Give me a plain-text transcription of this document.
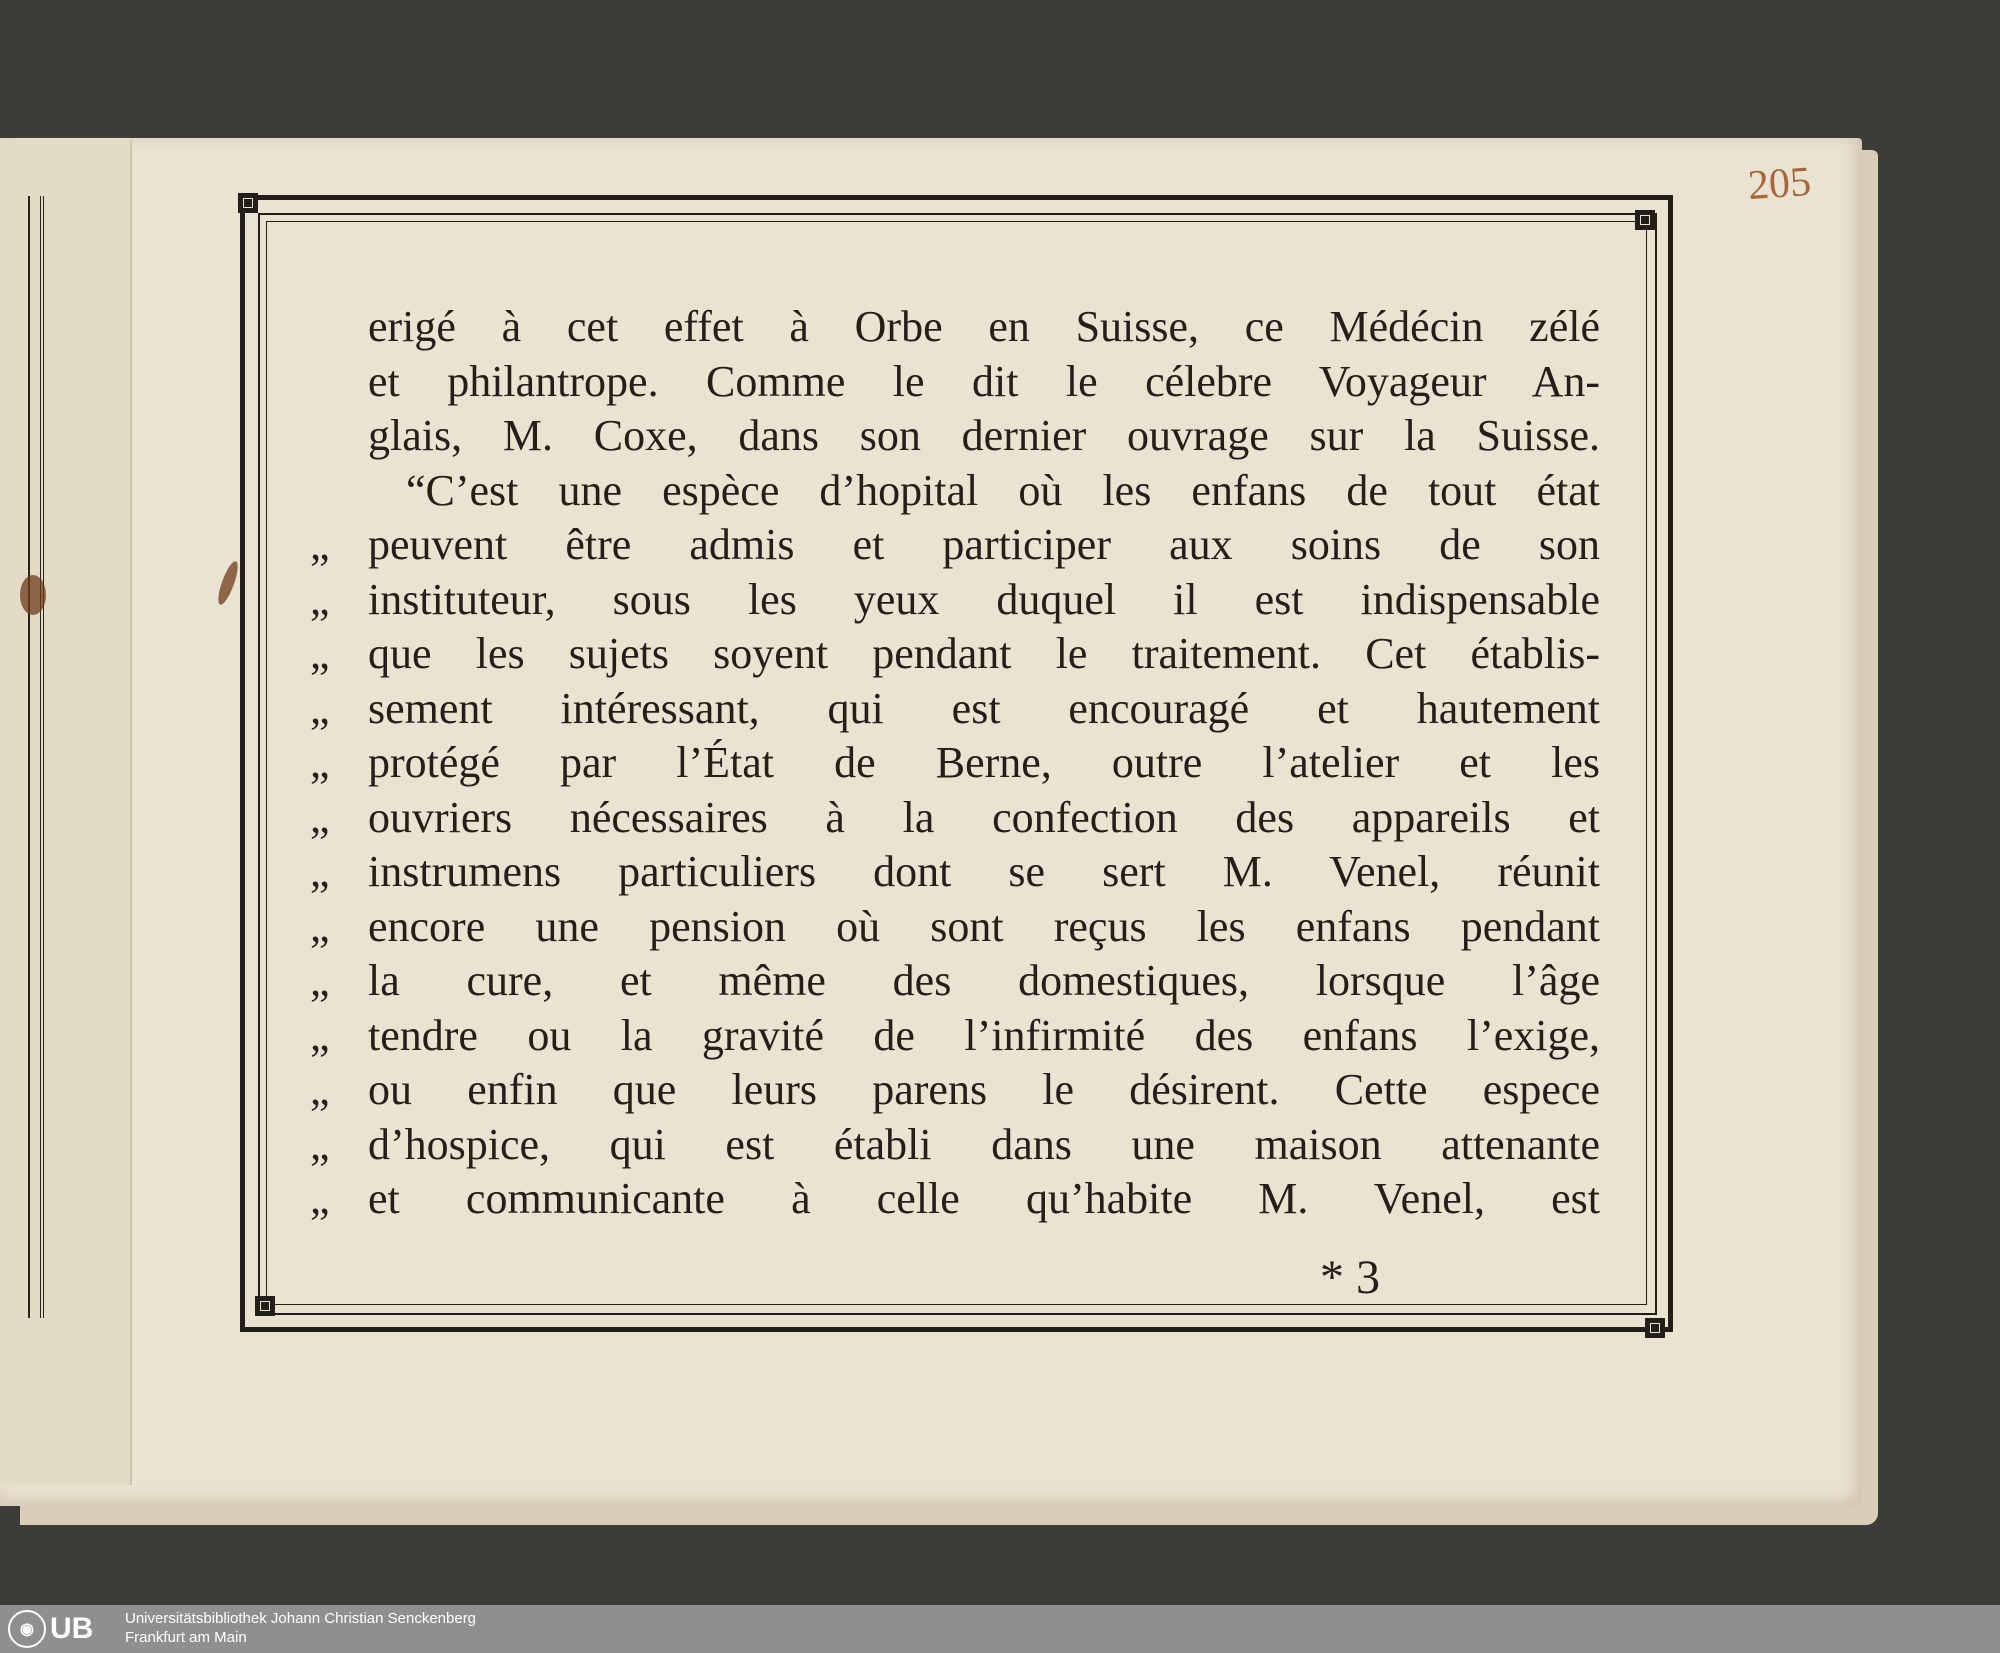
205
erigé à cet effet à Orbe en Suisse, ce Médécin zélé
et philantrope. Comme le dit le célebre Voyageur An-
glais, M. Coxe, dans son dernier ouvrage sur la Suisse.
“C’est une espèce d’hopital où les enfans de tout état
„ peuvent être admis et participer aux soins de son
„ instituteur, sous les yeux duquel il est indispensable
„ que les sujets soyent pendant le traitement. Cet établis-
„ sement intéressant, qui est encouragé et hautement
„ protégé par l’État de Berne, outre l’atelier et les
„ ouvriers nécessaires à la confection des appareils et
„ instrumens particuliers dont se sert M. Venel, réunit
„ encore une pension où sont reçus les enfans pendant
„ la cure, et même des domestiques, lorsque l’âge
„ tendre ou la gravité de l’infirmité des enfans l’exige,
„ ou enfin que leurs parens le désirent. Cette espece
„ d’hospice, qui est établi dans une maison attenante
„ et communicante à celle qu’habite M. Venel, est
* 3
◉ UB Universitätsbibliothek Johann Christian Senckenberg
Frankfurt am Main
